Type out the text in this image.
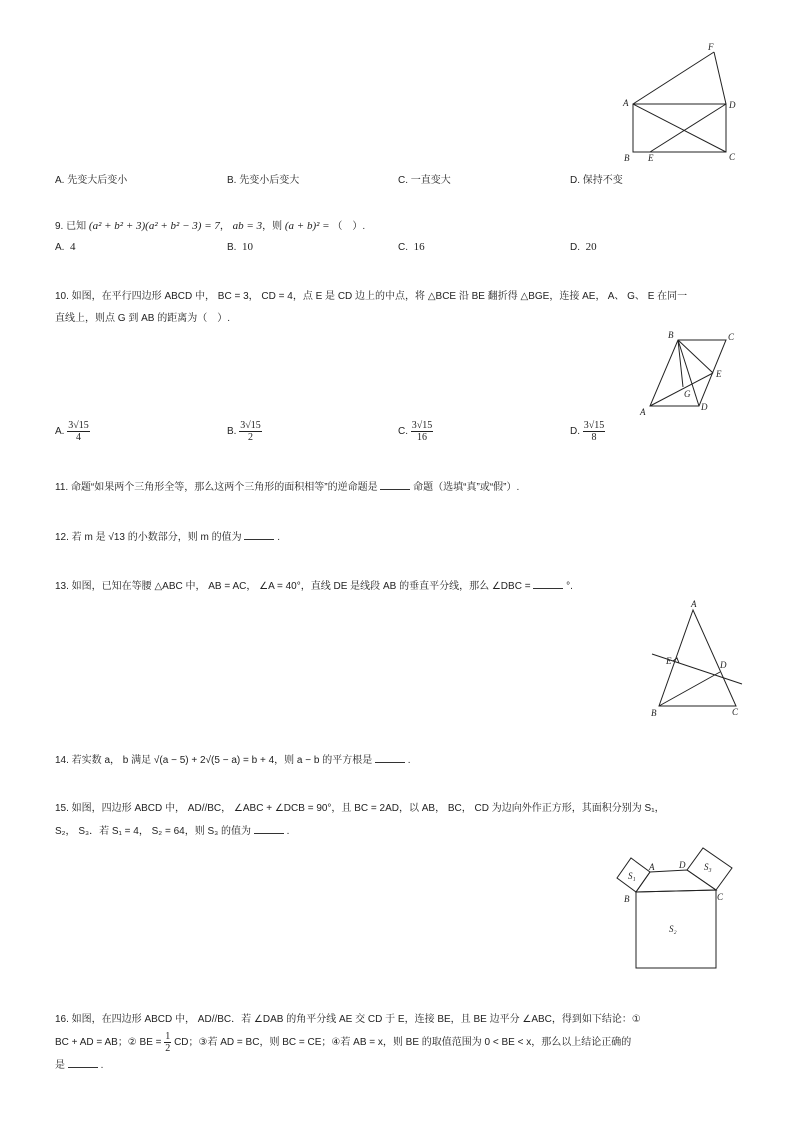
A	D
F
B E	C
A. 先变大后变小	B. 先变小后变大	C. 一直变大	D. 保持不变
9. 已知 (a² + b² + 3)(a² + b² − 3) = 7， ab = 3，则 (a + b)² = （　）.
A. 4	B. 10	C. 16	D. 20
10. 如图，在平行四边形 ABCD 中， BC = 3， CD = 4，点 E 是 CD 边上的中点，将 △BCE 沿 BE 翻折得 △BGE，连接 AE， A、 G、 E 在同一
直线上，则点 G 到 AB 的距离为（　）.
B	C
E
G
D
A
A. $\frac{3√15}{4}$	B. $\frac{3√15}{2}$	C. $\frac{3√15}{16}$	D. $\frac{3√15}{8}$
11. 命题“如果两个三角形全等，那么这两个三角形的面积相等”的逆命题是	命题（选填“真”或“假”）.
12. 若 m 是 √13 的小数部分，则 m 的值为	.
13. 如图，已知在等腰 △ABC 中， AB = AC， ∠A = 40°，直线 DE 是线段 AB 的垂直平分线，那么 ∠DBC =	°.
A
E	D
B	C
14. 若实数 a， b 满足 √(a − 5) + 2√(5 − a) = b + 4，则 a − b 的平方根是	.
15. 如图，四边形 ABCD 中， AD//BC， ∠ABC + ∠DCB = 90°，且 BC = 2AD，以 AB， BC， CD 为边向外作正方形，其面积分别为 S₁，
S₂， S₃．若 S₁ = 4， S₂ = 64，则 S₃ 的值为	.
A	D
B	C
S₁
S₃
S₂
16. 如图，在四边形 ABCD 中， AD//BC．若 ∠DAB 的角平分线 AE 交 CD 于 E，连接 BE，且 BE 边平分 ∠ABC，得到如下结论：①
BC + AD = AB；② BE = $\frac{1}{2}$ CD；③若 AD = BC，则 BC = CE；④若 AB = x，则 BE 的取值范围为 0 < BE < x，那么以上结论正确的
是	.
